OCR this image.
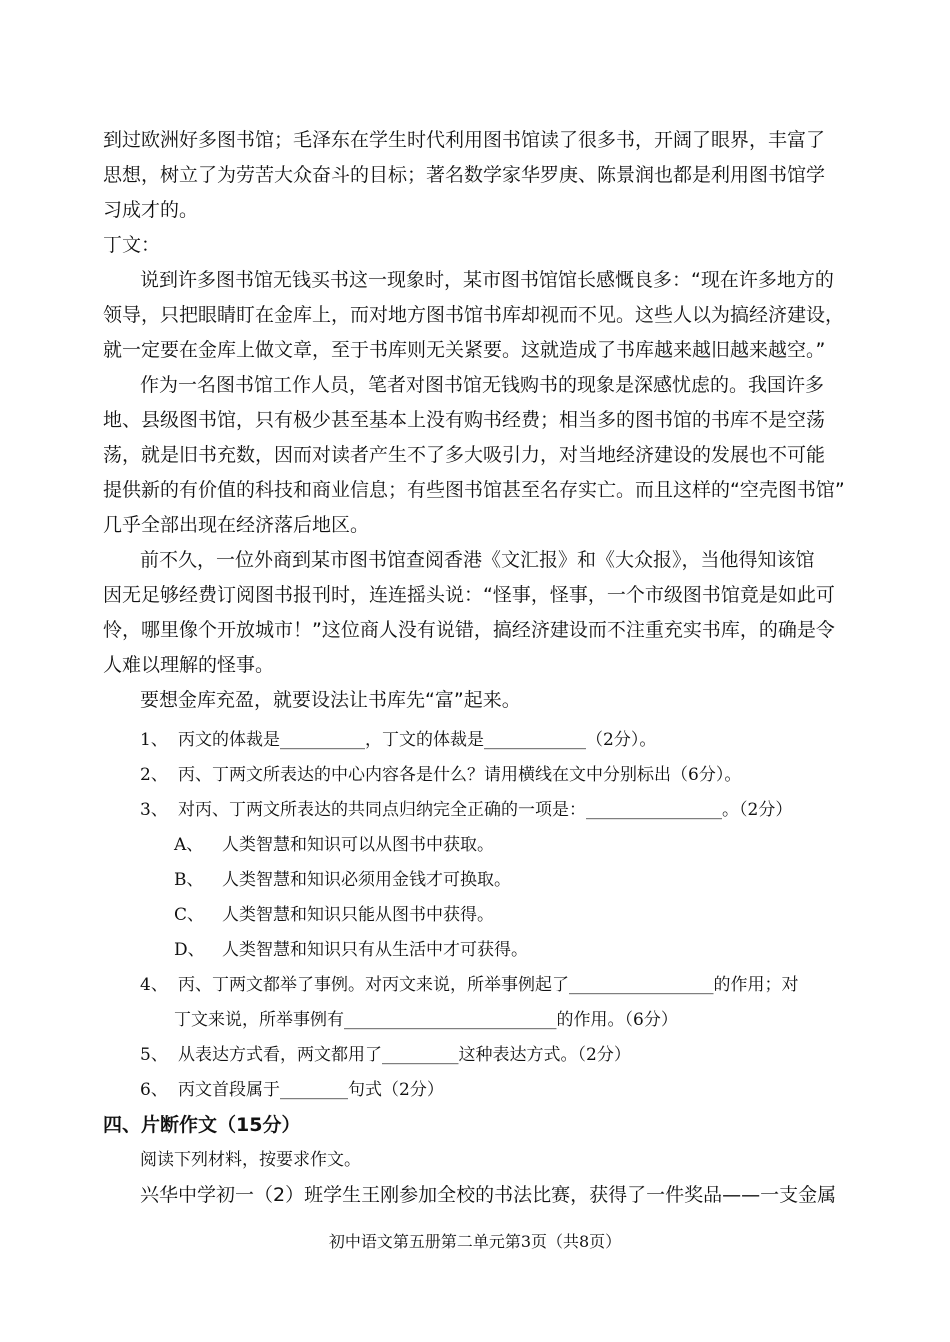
到过欧洲好多图书馆；毛泽东在学生时代利用图书馆读了很多书，开阔了眼界，丰富了
思想，树立了为劳苦大众奋斗的目标；著名数学家华罗庚、陈景润也都是利用图书馆学
习成才的。
丁文：
说到许多图书馆无钱买书这一现象时，某市图书馆馆长感慨良多：“现在许多地方的
领导，只把眼睛盯在金库上，而对地方图书馆书库却视而不见。这些人以为搞经济建设，
就一定要在金库上做文章，至于书库则无关紧要。这就造成了书库越来越旧越来越空。”
作为一名图书馆工作人员，笔者对图书馆无钱购书的现象是深感忧虑的。我国许多
地、县级图书馆，只有极少甚至基本上没有购书经费；相当多的图书馆的书库不是空荡
荡，就是旧书充数，因而对读者产生不了多大吸引力，对当地经济建设的发展也不可能
提供新的有价值的科技和商业信息；有些图书馆甚至名存实亡。而且这样的“空壳图书馆”
几乎全部出现在经济落后地区。
前不久，一位外商到某市图书馆查阅香港《文汇报》和《大众报》，当他得知该馆
因无足够经费订阅图书报刊时，连连摇头说：“怪事，怪事，一个市级图书馆竟是如此可
怜，哪里像个开放城市！”这位商人没有说错，搞经济建设而不注重充实书库，的确是令
人难以理解的怪事。
要想金库充盈，就要设法让书库先“富”起来。
1、 丙文的体裁是__________，丁文的体裁是____________（2分）。
2、 丙、丁两文所表达的中心内容各是什么？请用横线在文中分别标出（6分）。
3、 对丙、丁两文所表达的共同点归纳完全正确的一项是：________________。（2分）
A、 人类智慧和知识可以从图书中获取。
B、 人类智慧和知识必须用金钱才可换取。
C、 人类智慧和知识只能从图书中获得。
D、 人类智慧和知识只有从生活中才可获得。
4、 丙、丁两文都举了事例。对丙文来说，所举事例起了_________________的作用；对
丁文来说，所举事例有_________________________的作用。（6分）
5、 从表达方式看，两文都用了_________这种表达方式。（2分）
6、 丙文首段属于________句式（2分）
四、片断作文（15分）
阅读下列材料，按要求作文。
兴华中学初一（2）班学生王刚参加全校的书法比赛，获得了一件奖品——一支金属
初中语文第五册第二单元第3页（共8页）
